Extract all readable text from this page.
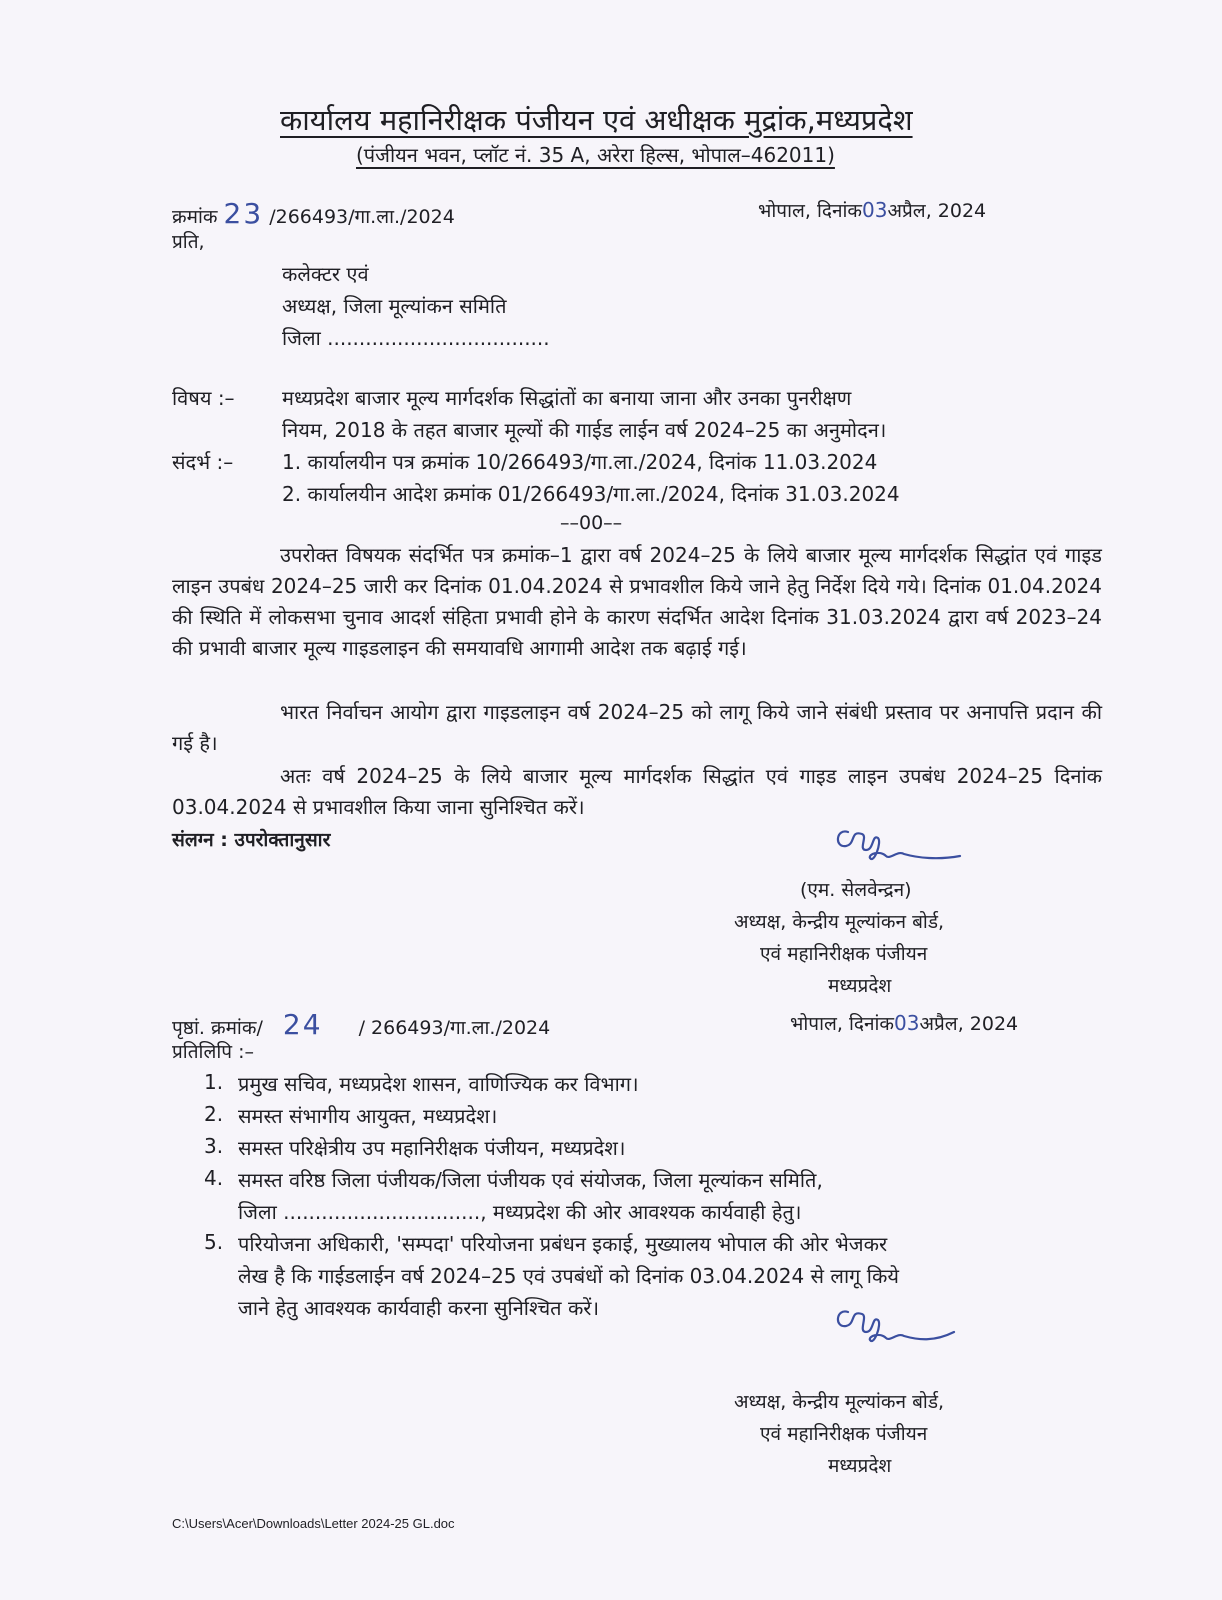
कार्यालय महानिरीक्षक पंजीयन एवं अधीक्षक मुद्रांक,मध्यप्रदेश
(पंजीयन भवन, प्लॉट नं. 35 A, अरेरा हिल्स, भोपाल–462011)
क्रमांक 23 /266493/गा.ला./2024	भोपाल, दिनांक03अप्रैल, 2024
प्रति,
कलेक्टर एवं
अध्यक्ष, जिला मूल्यांकन समिति
जिला ...................................
विषय :– मध्यप्रदेश बाजार मूल्य मार्गदर्शक सिद्धांतों का बनाया जाना और उनका पुनरीक्षण
नियम, 2018 के तहत बाजार मूल्यों की गाईड लाईन वर्ष 2024–25 का अनुमोदन।
संदर्भ :– 1. कार्यालयीन पत्र क्रमांक 10/266493/गा.ला./2024, दिनांक 11.03.2024
2. कार्यालयीन आदेश क्रमांक 01/266493/गा.ला./2024, दिनांक 31.03.2024
––00––
उपरोक्त विषयक संदर्भित पत्र क्रमांक–1 द्वारा वर्ष 2024–25 के लिये बाजार मूल्य मार्गदर्शक सिद्धांत एवं गाइड लाइन उपबंध 2024–25 जारी कर दिनांक 01.04.2024 से प्रभावशील किये जाने हेतु निर्देश दिये गये। दिनांक 01.04.2024 की स्थिति में लोकसभा चुनाव आदर्श संहिता प्रभावी होने के कारण संदर्भित आदेश दिनांक 31.03.2024 द्वारा वर्ष 2023–24 की प्रभावी बाजार मूल्य गाइडलाइन की समयावधि आगामी आदेश तक बढ़ाई गई।
भारत निर्वाचन आयोग द्वारा गाइडलाइन वर्ष 2024–25 को लागू किये जाने संबंधी प्रस्ताव पर अनापत्ति प्रदान की गई है।
अतः वर्ष 2024–25 के लिये बाजार मूल्य मार्गदर्शक सिद्धांत एवं गाइड लाइन उपबंध 2024–25 दिनांक 03.04.2024 से प्रभावशील किया जाना सुनिश्चित करें।
संलग्न : उपरोक्तानुसार
(एम. सेलवेन्द्रन)
अध्यक्ष, केन्द्रीय मूल्यांकन बोर्ड,
एवं महानिरीक्षक पंजीयन
मध्यप्रदेश
पृष्ठां. क्रमांक/ 24 / 266493/गा.ला./2024	भोपाल, दिनांक03अप्रैल, 2024
प्रतिलिपि :–
1. प्रमुख सचिव, मध्यप्रदेश शासन, वाणिज्यिक कर विभाग।
2. समस्त संभागीय आयुक्त, मध्यप्रदेश।
3. समस्त परिक्षेत्रीय उप महानिरीक्षक पंजीयन, मध्यप्रदेश।
4. समस्त वरिष्ठ जिला पंजीयक/जिला पंजीयक एवं संयोजक, जिला मूल्यांकन समिति,
जिला ..............................., मध्यप्रदेश की ओर आवश्यक कार्यवाही हेतु।
5. परियोजना अधिकारी, 'सम्पदा' परियोजना प्रबंधन इकाई, मुख्यालय भोपाल की ओर भेजकर
लेख है कि गाईडलाईन वर्ष 2024–25 एवं उपबंधों को दिनांक 03.04.2024 से लागू किये
जाने हेतु आवश्यक कार्यवाही करना सुनिश्चित करें।
अध्यक्ष, केन्द्रीय मूल्यांकन बोर्ड,
एवं महानिरीक्षक पंजीयन
मध्यप्रदेश
C:\Users\Acer\Downloads\Letter 2024-25 GL.doc
